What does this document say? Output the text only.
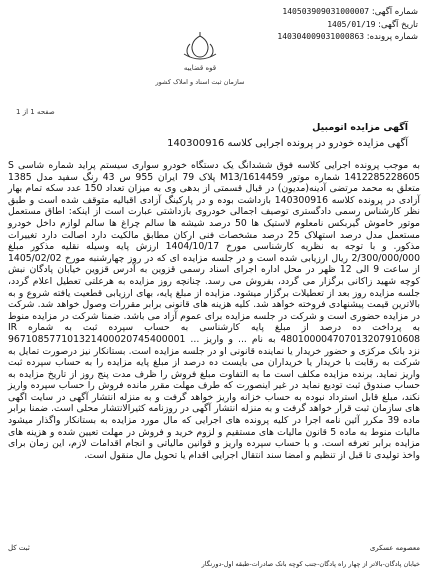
شماره آگهی: 140503909031000007
تاریخ آگهی: 1405/01/19
شماره پرونده: 140304009031000863
قوه قضاییه
سازمان ثبت اسناد و املاک کشور
صفحه 1 از 1
آگهی مزایده اتومبیل
آگهی مزایده خودرو در پرونده اجرایی کلاسه 140300916
به موجب پرونده اجرایی کلاسه فوق ششدانگ یک دستگاه خودرو سواری سیستم پراید شماره شاسی S 1412285228605 شماره موتور M13/1614459 پلاک 79 ایران 955 س 43 رنگ سفید مدل 1385 متعلق به محمد مرتضی آدینه(مدیون) در قبال قسمتی از بدهی وی به میزان تعداد 150 عدد سکه تمام بهار آزادی در پرونده کلاسه 140300916 بازداشت بوده و در پارکینگ آزادی اقبالیه متوقف شده است و طبق نظر کارشناس رسمی دادگستری توصیف اجمالی خودروی بازداشتی عبارت است از اینکه: اطاق مستعمل موتور خاموش گیربکس نامعلوم لاستیک ها 50 درصد شیشه ها سالم چراغ ها سالم لوازم داخل خودرو مستعمل مدل درصد استهلاک 25 درصد مشخصات فنی ارکان مطابق مالکیت دارد اصالت دارد تغییرات مذکور. و با توجه به نظریه کارشناسی مورخ 1404/10/17 ارزش پایه وسیله نقلیه مذکور مبلغ 2/300/000/000 ریال ارزیابی شده است و در جلسه مزایده ای که در روز چهارشنبه مورخ 1405/02/02 از ساعت 9 الی 12 ظهر در محل اداره اجرای اسناد رسمی قزوین به آدرس قزوین خیابان پادگان نبش کوچه شهید زاکانی برگزار می گردد، بفروش می رسد. چنانچه روز مزایده به هرعلتی تعطیل اعلام گردد، جلسه مزایده روز بعد از تعطیلات برگزار میشود. مزایده از مبلغ پایه، بهای ارزیابی قطعیت یافته شروع و به بالاترین قیمت پیشنهادی فروخته خواهد شد. کلیه هزینه های قانونی برابر مقررات وصول خواهد شد. شرکت در مزایده حضوری است و شرکت در جلسه مزایده برای عموم آزاد می باشد. ضمنا شرکت در مزایده منوط به پرداخت ده درصد از مبلغ پایه کارشناسی به حساب سپرده ثبت به شماره IR 480100004707013207910608 به نام ... و واریز ... 967108577101321400020745400001 نزد بانک مرکزی و حضور خریدار یا نماینده قانونی او در جلسه مزایده است. بستانکار نیز درصورت تمایل به شرکت به رقابت با خریدار یا خریداران می بایست ده درصد از مبلغ پایه مزایده را به حساب سپرده ثبت واریز نماید. برنده مزایده مکلف است ما به التفاوت مبلغ فروش را ظرف مدت پنج روز از تاریخ مزایده به حساب صندوق ثبت تودیع نماید در غیر اینصورت که طرف مهلت مقرر مانده فروش را حساب سپرده واریز نکند، مبلغ قابل استرداد نبوده به حساب خزانه واریز خواهد گرفت و به منزله انتشار آگهی در سایت اگهی های سازمان ثبت قرار خواهد گرفت و به منزله انتشار آگهی در روزنامه کثیرالانتشار محلی است. ضمنا برابر ماده 39 مکرر آئین نامه اجرا در کلیه پرونده های اجرایی که مال مورد مزایده به بستانکار واگذار میشود مالیات منوط به ماده 5 قانون مالیات های مستقیم و لزوم خرید و فروش در مهلت تعیین شده و هزینه های مزایده برابر تعرفه است. و با حساب سپرده واریز و قوانین مالیاتی و انجام اقدامات لازم، این زمان برای واخذ تولیدی تا قبل از تنظیم و امضا سند انتقال اجرایی اقدام یا تحویل مال منقول است.
معصومه عسکری
ثبت کل
خیابان پادگان-بالاتر از چهار راه پادگان-جنب کوچه بانک صادرات-طبقه اول-دورنگار
